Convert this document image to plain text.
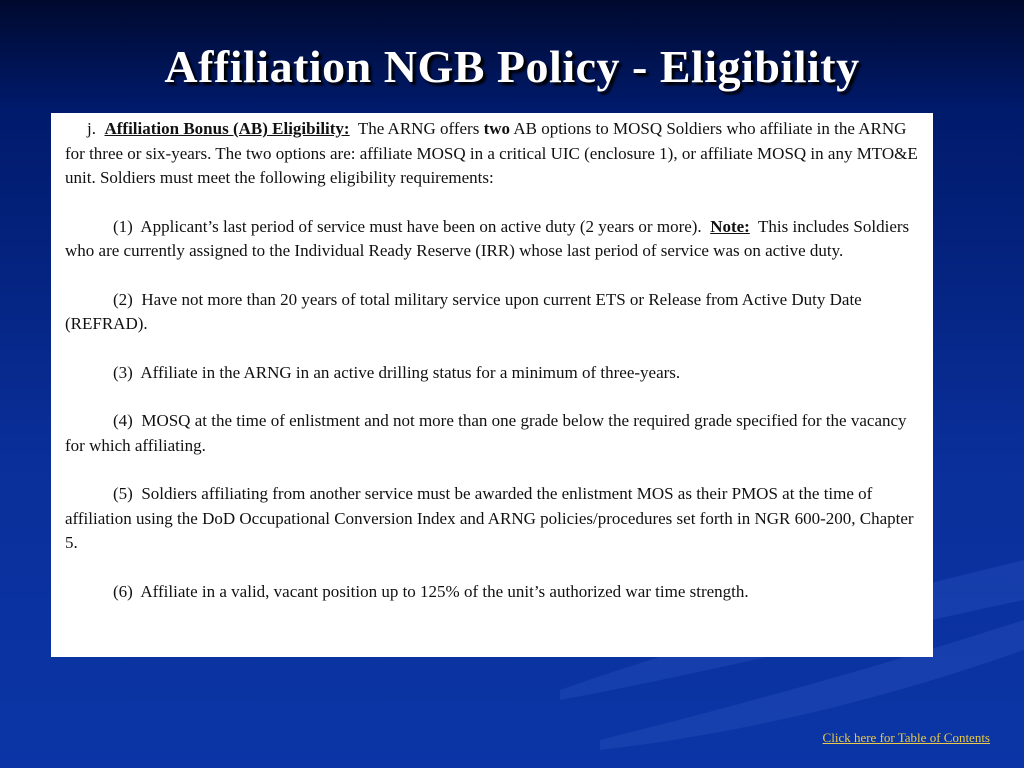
Affiliation NGB Policy - Eligibility

j. Affiliation Bonus (AB) Eligibility: The ARNG offers two AB options to MOSQ Soldiers who affiliate in the ARNG for three or six-years. The two options are: affiliate MOSQ in a critical UIC (enclosure 1), or affiliate MOSQ in any MTO&E unit. Soldiers must meet the following eligibility requirements:

(1) Applicant’s last period of service must have been on active duty (2 years or more). Note: This includes Soldiers who are currently assigned to the Individual Ready Reserve (IRR) whose last period of service was on active duty.

(2) Have not more than 20 years of total military service upon current ETS or Release from Active Duty Date (REFRAD).

(3) Affiliate in the ARNG in an active drilling status for a minimum of three-years.

(4) MOSQ at the time of enlistment and not more than one grade below the required grade specified for the vacancy for which affiliating.

(5) Soldiers affiliating from another service must be awarded the enlistment MOS as their PMOS at the time of affiliation using the DoD Occupational Conversion Index and ARNG policies/procedures set forth in NGR 600-200, Chapter 5.

(6) Affiliate in a valid, vacant position up to 125% of the unit’s authorized war time strength.

Click here for Table of Contents
